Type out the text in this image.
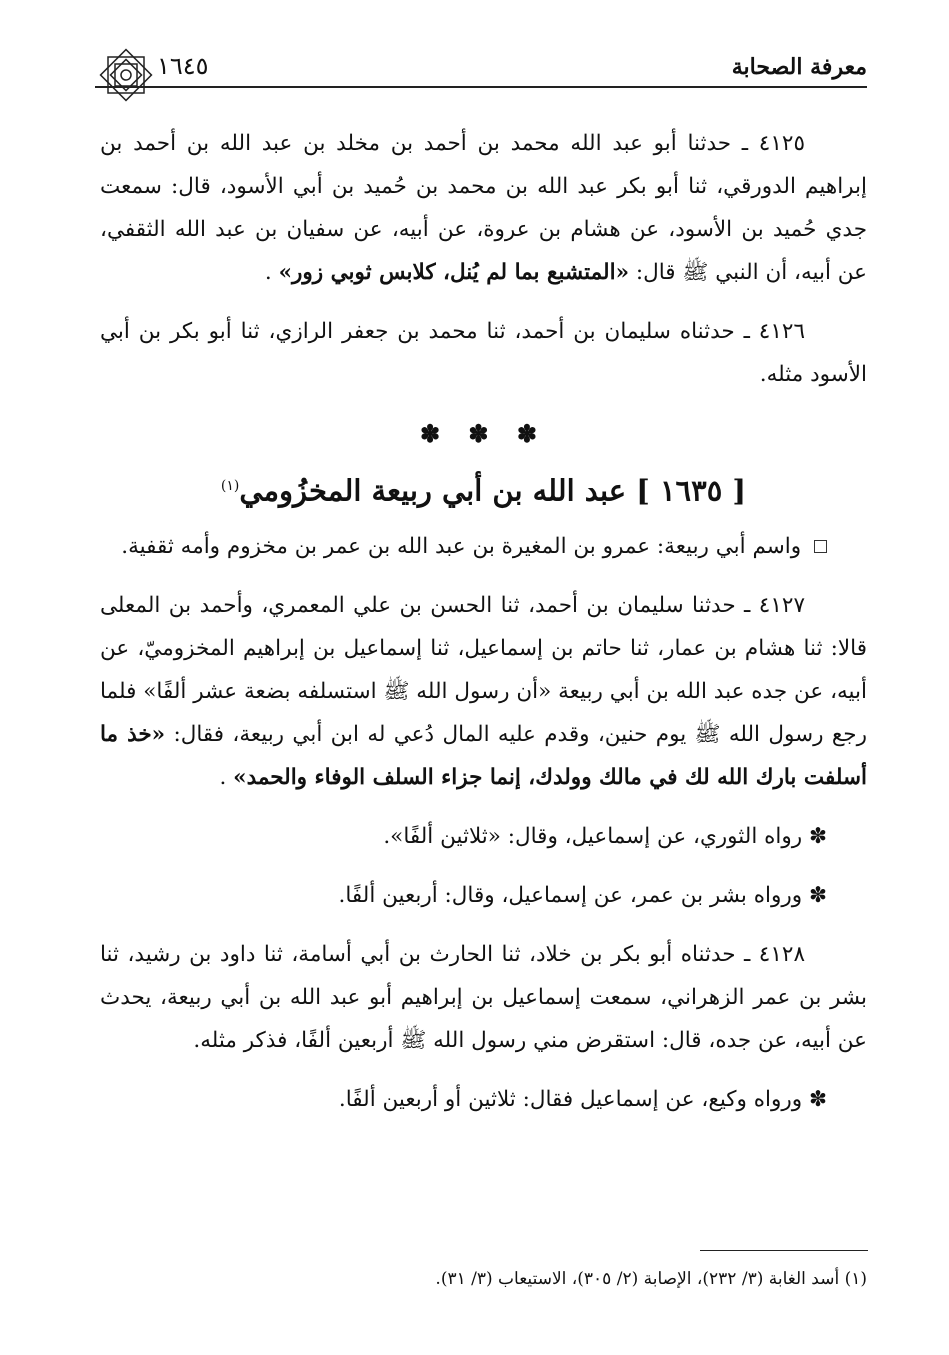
معرفة الصحابة
١٦٤٥

٤١٢٥ ـ حدثنا أبو عبد الله محمد بن أحمد بن مخلد بن عبد الله بن أحمد بن إبراهيم الدورقي، ثنا أبو بكر عبد الله بن محمد بن حُميد بن أبي الأسود، قال: سمعت جدي حُميد بن الأسود، عن هشام بن عروة، عن أبيه، عن سفيان بن عبد الله الثقفي، عن أبيه، أن النبي ﷺ قال: «المتشبع بما لم يُنل، كلابس ثوبي زور» .

٤١٢٦ ـ حدثناه سليمان بن أحمد، ثنا محمد بن جعفر الرازي، ثنا أبو بكر بن أبي الأسود مثله.

✽ ✽ ✽

[ ١٦٣٥ ] عبد الله بن أبي ربيعة المخزُومي$^{(١)}$

واسم أبي ربيعة: عمرو بن المغيرة بن عبد الله بن عمر بن مخزوم وأمه ثقفية.

٤١٢٧ ـ حدثنا سليمان بن أحمد، ثنا الحسن بن علي المعمري، وأحمد بن المعلى قالا: ثنا هشام بن عمار، ثنا حاتم بن إسماعيل، ثنا إسماعيل بن إبراهيم المخزوميّ، عن أبيه، عن جده عبد الله بن أبي ربيعة «أن رسول الله ﷺ استسلفه بضعة عشر ألفًا» فلما رجع رسول الله ﷺ يوم حنين، وقدم عليه المال دُعي له ابن أبي ربيعة، فقال: «خذ ما أسلفت بارك الله لك في مالك وولدك، إنما جزاء السلف الوفاء والحمد» .

✽ رواه الثوري، عن إسماعيل، وقال: «ثلاثين ألفًا».

✽ ورواه بشر بن عمر، عن إسماعيل، وقال: أربعين ألفًا.

٤١٢٨ ـ حدثناه أبو بكر بن خلاد، ثنا الحارث بن أبي أسامة، ثنا داود بن رشيد، ثنا بشر بن عمر الزهراني، سمعت إسماعيل بن إبراهيم أبو عبد الله بن أبي ربيعة، يحدث عن أبيه، عن جده، قال: استقرض مني رسول الله ﷺ أربعين ألفًا، فذكر مثله.

✽ ورواه وكيع، عن إسماعيل فقال: ثلاثين أو أربعين ألفًا.

(١) أسد الغابة (٣/ ٢٣٢)، الإصابة (٢/ ٣٠٥)، الاستيعاب (٣/ ٣١).
